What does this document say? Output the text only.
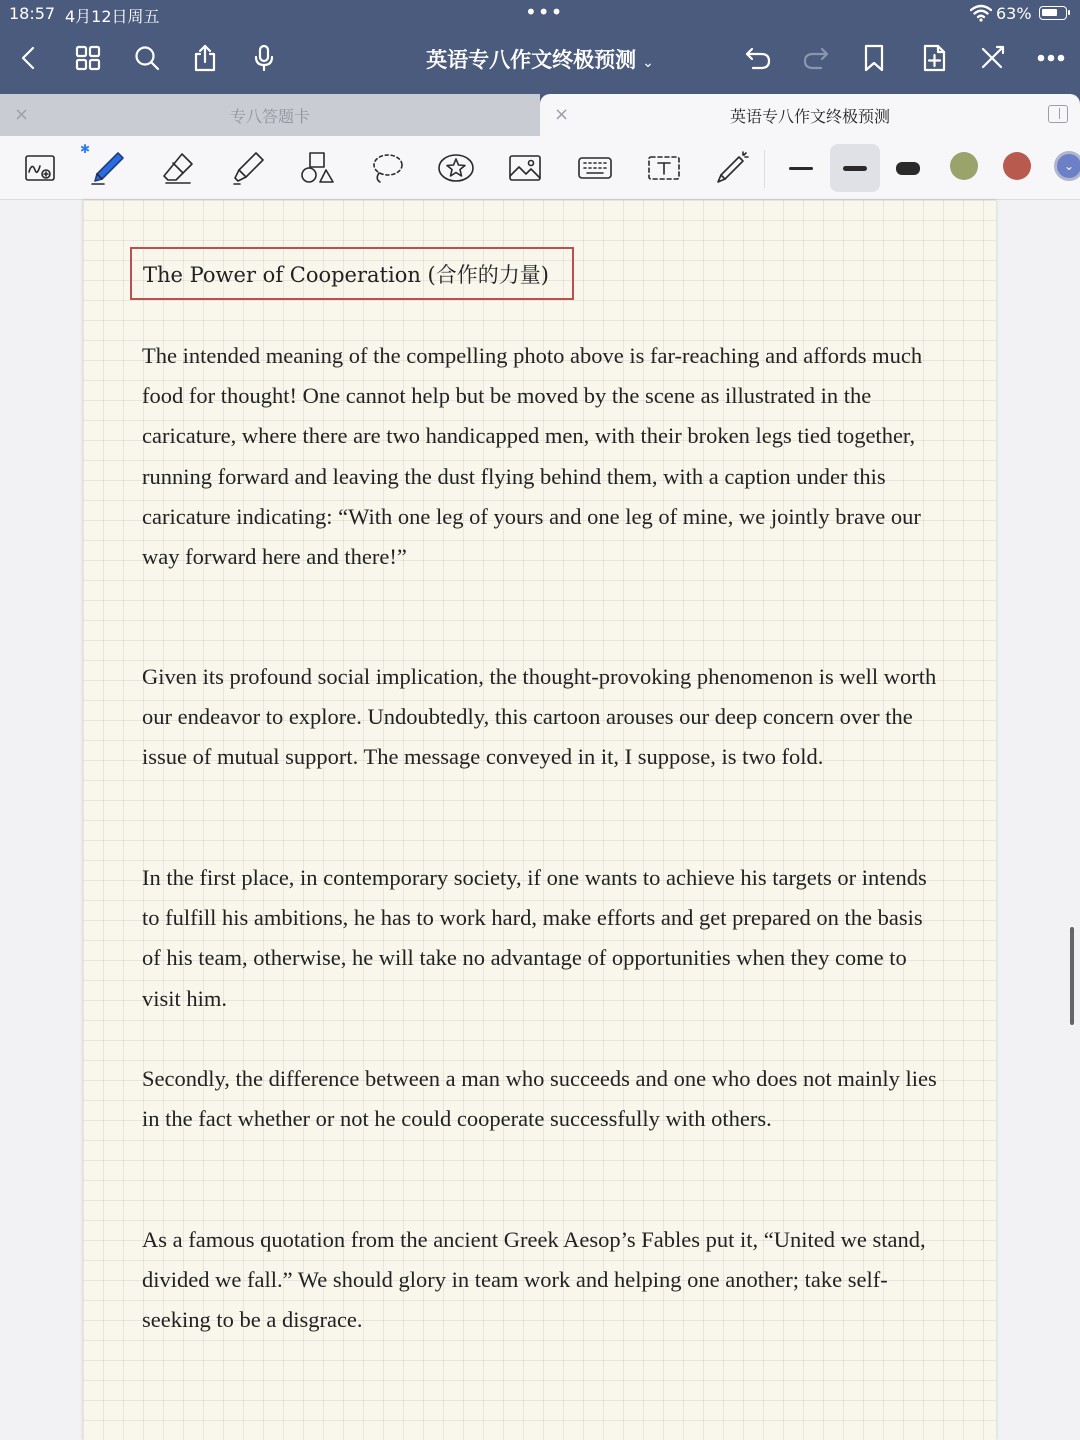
18:57 4月12日周五	•••	63%
英语专八作文终极预测 ⌄
×	专八答题卡	×	英语专八作文终极预测
✱
⌄
The Power of Cooperation (合作的力量)

The intended meaning of the compelling photo above is far-reaching and affords much food for thought! One cannot help but be moved by the scene as illustrated in the caricature, where there are two handicapped men, with their broken legs tied together, running forward and leaving the dust flying behind them, with a caption under this caricature indicating: “With one leg of yours and one leg of mine, we jointly brave our way forward here and there!”

Given its profound social implication, the thought-provoking phenomenon is well worth our endeavor to explore. Undoubtedly, this cartoon arouses our deep concern over the issue of mutual support. The message conveyed in it, I suppose, is two fold.

In the first place, in contemporary society, if one wants to achieve his targets or intends to fulfill his ambitions, he has to work hard, make efforts and get prepared on the basis of his team, otherwise, he will take no advantage of opportunities when they come to visit him.

Secondly, the difference between a man who succeeds and one who does not mainly lies in the fact whether or not he could cooperate successfully with others.

As a famous quotation from the ancient Greek Aesop’s Fables put it, “United we stand, divided we fall.” We should glory in team work and helping one another; take self-seeking to be a disgrace.
